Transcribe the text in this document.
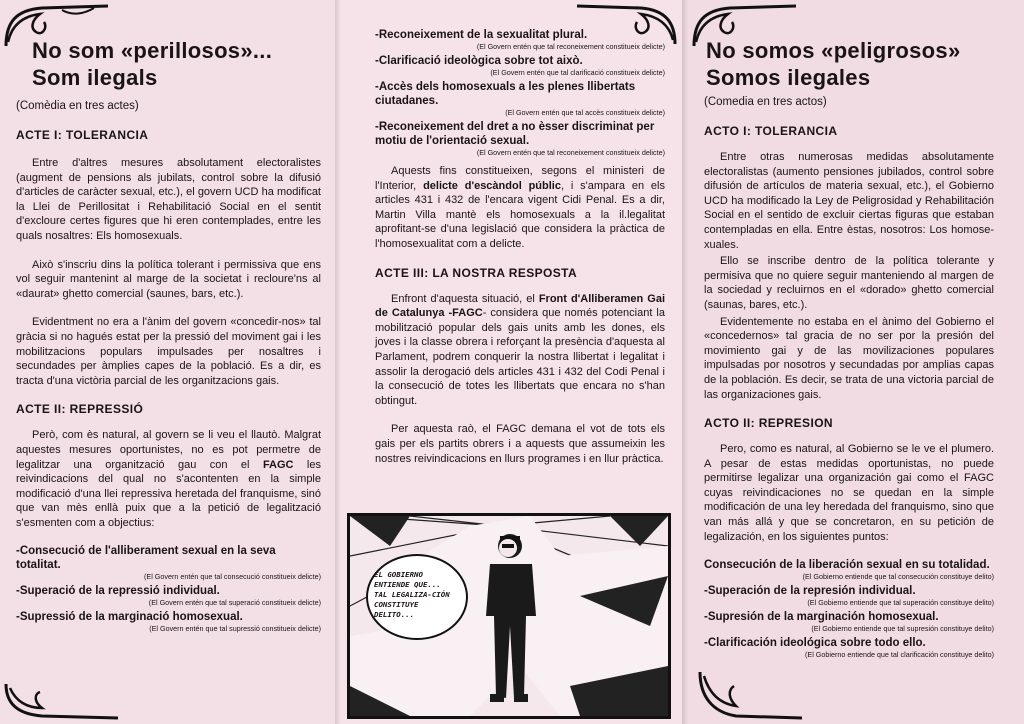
No som «perillosos»...
Som ilegals

(Comèdia en tres actes)

ACTE I: TOLERANCIA

Entre d'altres mesures absolutament electoralistes (augment de pensions als jubilats, control sobre la difusió d'articles de caràcter sexual, etc.), el govern UCD ha modificat la Llei de Perillositat i Rehabilitació Social en el sentit d'excloure certes figures que hi eren contemplades, entre les quals nosaltres: Els homosexuals.

Això s'inscriu dins la política tolerant i permissiva que ens vol seguir mantenint al marge de la societat i recloure'ns al «daurat» ghetto comercial (saunes, bars, etc.).

Evidentment no era a l'ànim del govern «concedir-nos» tal gràcia si no hagués estat per la pressió del moviment gai i les mobilitzacions populars impulsades per nosaltres i secundades per àmplies capes de la població. Es a dir, es tracta d'una victòria parcial de les organitzacions gais.

ACTE II: REPRESSIÓ

Però, com ès natural, al govern se li veu el llautò. Malgrat aquestes mesures oportunistes, no es pot permetre de legalitzar una organització gau con el FAGC les reivindicacions del qual no s'acontenten en la simple modificació d'una llei repressiva heretada del franquisme, sinó que van mès enllà puix que a la petició de legalització s'esmenten com a objectius:

-Consecució de l'alliberament sexual en la seva totalitat.

(El Govern entén que tal consecució constitueix delicte)

-Superació de la repressió individual.

(El Govern entén que tal superació constitueix delicte)

-Supressió de la marginació homosexual.

(El Govern entén que tal supressió constitueix delicte)

-Reconeixement de la sexualitat plural.

(El Govern entén que tal reconeixement constitueix delicte)

-Clarificació ideològica sobre tot això.

(El Govern entén que tal clarificació constitueix delicte)

-Accès dels homosexuals a les plenes llibertats ciutadanes.

(El Govern entén que tal accès constitueix delicte)

-Reconeixement del dret a no èsser discriminat per motiu de l'orientació sexual.

(El Govern entén que tal reconeixement constitueix delicte)

Aquests fins constitueixen, segons el ministeri de l'Interior, delicte d'escàndol públic, i s'ampara en els articles 431 i 432 de l'encara vigent Cidi Penal. Es a dir, Martin Villa mantè els homosexuals a la il.legalitat aprofitant-se d'una legislació que considera la pràctica de l'homosexualitat com a delicte.

ACTE III: LA NOSTRA RESPOSTA

Enfront d'aquesta situació, el Front d'Alliberamen Gai de Catalunya -FAGC- considera que només potenciant la mobilització popular dels gais units amb les dones, els joves i la classe obrera i reforçant la presència d'aquesta al Parlament, podrem conquerir la nostra llibertat i legalitat i assolir la derogació dels articles 431 i 432 del Codi Penal i la consecució de totes les llibertats que encara no s'han obtingut.

Per aquesta raò, el FAGC demana el vot de tots els gais per els partits obrers i a aquests que assumeixin les nostres reivindicacions en llurs programes i en llur pràctica.

EL GOBIERNO ENTIENDE QUE... TAL LEGALIZA-CIÓN CONSTITUYE DELITO...
No somos «peligrosos»
Somos ilegales

(Comedia en tres actos)

ACTO I: TOLERANCIA

Entre otras numerosas medidas absolutamente electoralistas (aumento pensiones jubilados, control sobre difusión de artículos de materia sexual, etc.), el Gobierno UCD ha modificado la Ley de Peligrosidad y Rehabilitación Social en el sentido de excluir ciertas figuras que estaban contempladas en ella. Entre èstas, nosotros: Los homosexuales.

Ello se inscribe dentro de la política tolerante y permisiva que no quiere seguir manteniendo al margen de la sociedad y recluirnos en el «dorado» ghetto comercial (saunas, bares, etc.).

Evidentemente no estaba en el ànimo del Gobierno el «concedernos» tal gracia de no ser por la presión del movimiento gai y de las movilizaciones populares impulsadas por nosotros y secundadas por amplias capas de la población. Es decir, se trata de una victoria parcial de las organizaciones gais.

ACTO II: REPRESION

Pero, como es natural, al Gobierno se le ve el plumero. A pesar de estas medidas oportunistas, no puede permitirse legalizar una organización gai como el FAGC cuyas reivindicaciones no se quedan en la simple modificación de una ley heredada del franquismo, sino que van más allá y que se concretaron, en su petición de legalización, en los siguientes puntos:

Consecución de la liberación sexual en su totalidad.

(El Gobierno entiende que tal consecución constituye delito)

-Superación de la represión individual.

(El Gobierno entiende que tal superación constituye delito)

-Supresión de la marginación homosexual.

(El Gobierno entiende que tal supresión constituye delito)

-Clarificación ideológica sobre todo ello.

(El Gobierno entiende que tal clarificación constituye delito)
